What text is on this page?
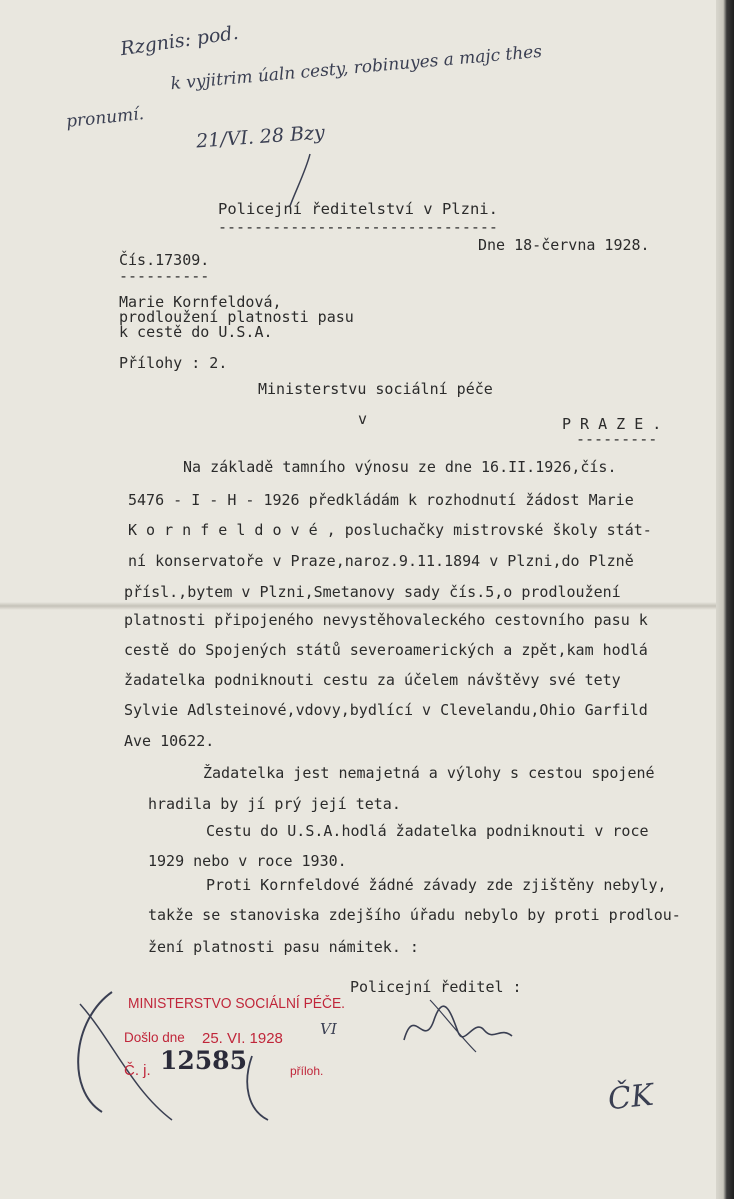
Rzgnis: pod.
k vyjitrim úaln cesty, robinuyes a majc thes
pronumí.
21/VI. 28 Bzy
Policejní ředitelství v Plzni.
-------------------------------
Čís.17309.
----------
Dne 18-června 1928.
Marie Kornfeldová,
prodloužení platnosti pasu
k cestě do U.S.A.
Přílohy : 2.
Ministerstvu sociální péče
v	P R A Z E .
---------
Na základě tamního výnosu ze dne 16.II.1926,čís.
5476 - I - H - 1926 předkládám k rozhodnutí žádost Marie
K o r n f e l d o v é , posluchačky mistrovské školy stát-
ní konservatoře v Praze,naroz.9.11.1894 v Plzni,do Plzně
přísl.,bytem v Plzni,Smetanovy sady čís.5,o prodloužení
platnosti připojeného nevystěhovaleckého cestovního pasu k
cestě do Spojených států severoamerických a zpět,kam hodlá
žadatelka podniknouti cestu za účelem návštěvy své tety
Sylvie Adlsteinové,vdovy,bydlící v Clevelandu,Ohio Garfild
Ave 10622.
Žadatelka jest nemajetná a výlohy s cestou spojené
hradila by jí prý její teta.
Cestu do U.S.A.hodlá žadatelka podniknouti v roce
1929 nebo v roce 1930.
Proti Kornfeldové žádné závady zde zjištěny nebyly,
takže se stanoviska zdejšího úřadu nebylo by proti prodlou-
žení platnosti pasu námitek. :
Policejní ředitel :
ČK
MINISTERSTVO SOCIÁLNÍ PÉČE.
Došlo dne 25. VI. 1928
Č. j. 12585	příloh.
VI
